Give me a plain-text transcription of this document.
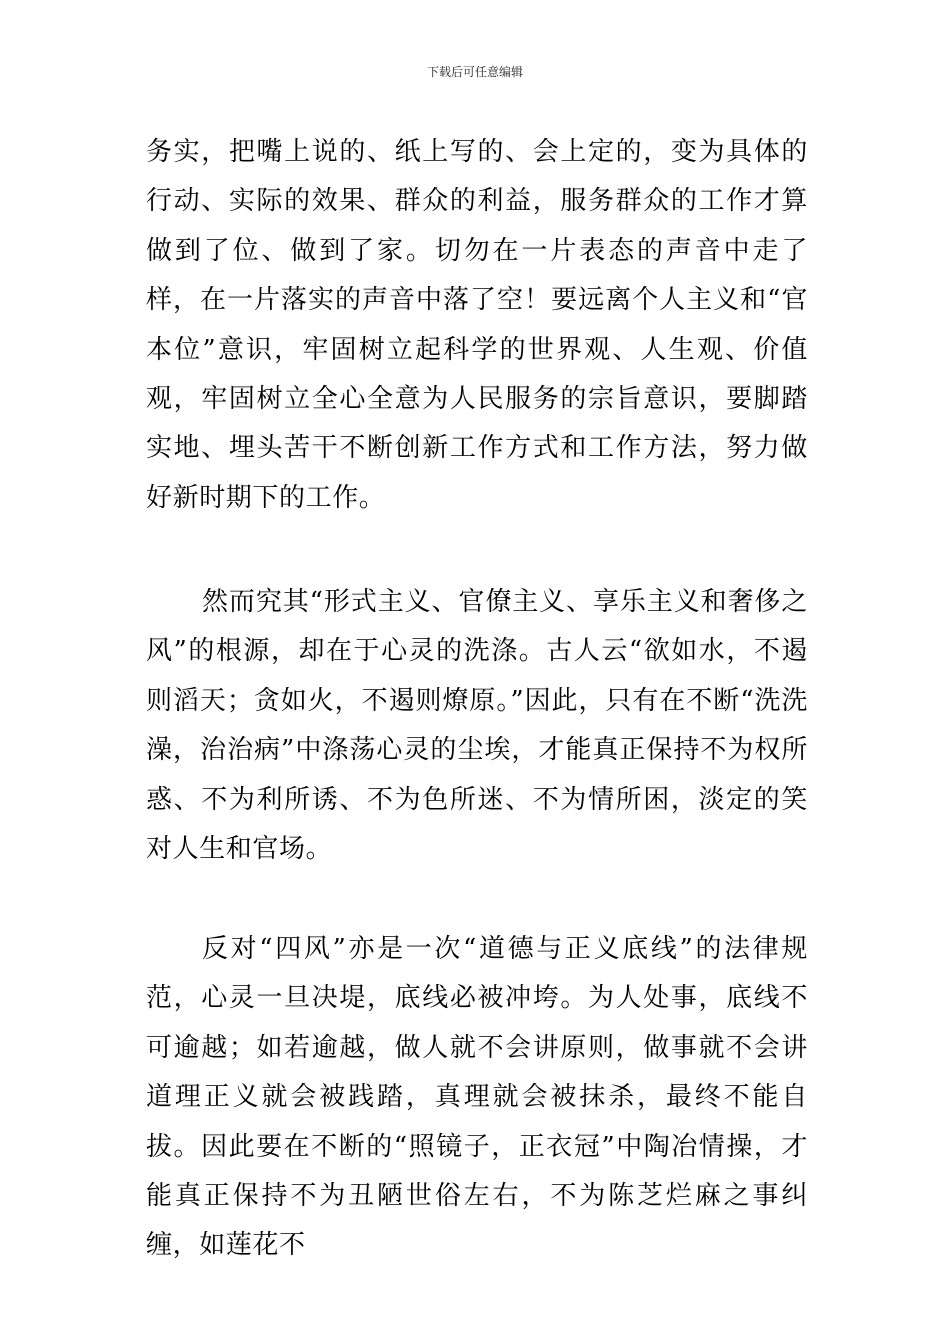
下载后可任意编辑

务实，把嘴上说的、纸上写的、会上定的，变为具体的行动、实际的效果、群众的利益，服务群众的工作才算做到了位、做到了家。切勿在一片表态的声音中走了样，在一片落实的声音中落了空！要远离个人主义和“官本位”意识，牢固树立起科学的世界观、人生观、价值观，牢固树立全心全意为人民服务的宗旨意识，要脚踏实地、埋头苦干不断创新工作方式和工作方法，努力做好新时期下的工作。

然而究其“形式主义、官僚主义、享乐主义和奢侈之风”的根源，却在于心灵的洗涤。古人云“欲如水，不遏则滔天；贪如火，不遏则燎原。”因此，只有在不断“洗洗澡，治治病”中涤荡心灵的尘埃，才能真正保持不为权所惑、不为利所诱、不为色所迷、不为情所困，淡定的笑对人生和官场。

反对“四风”亦是一次“道德与正义底线”的法律规范，心灵一旦决堤，底线必被冲垮。为人处事，底线不可逾越；如若逾越，做人就不会讲原则，做事就不会讲道理正义就会被践踏，真理就会被抹杀，最终不能自拔。因此要在不断的“照镜子，正衣冠”中陶冶情操，才能真正保持不为丑陋世俗左右，不为陈芝烂麻之事纠缠，如莲花不
